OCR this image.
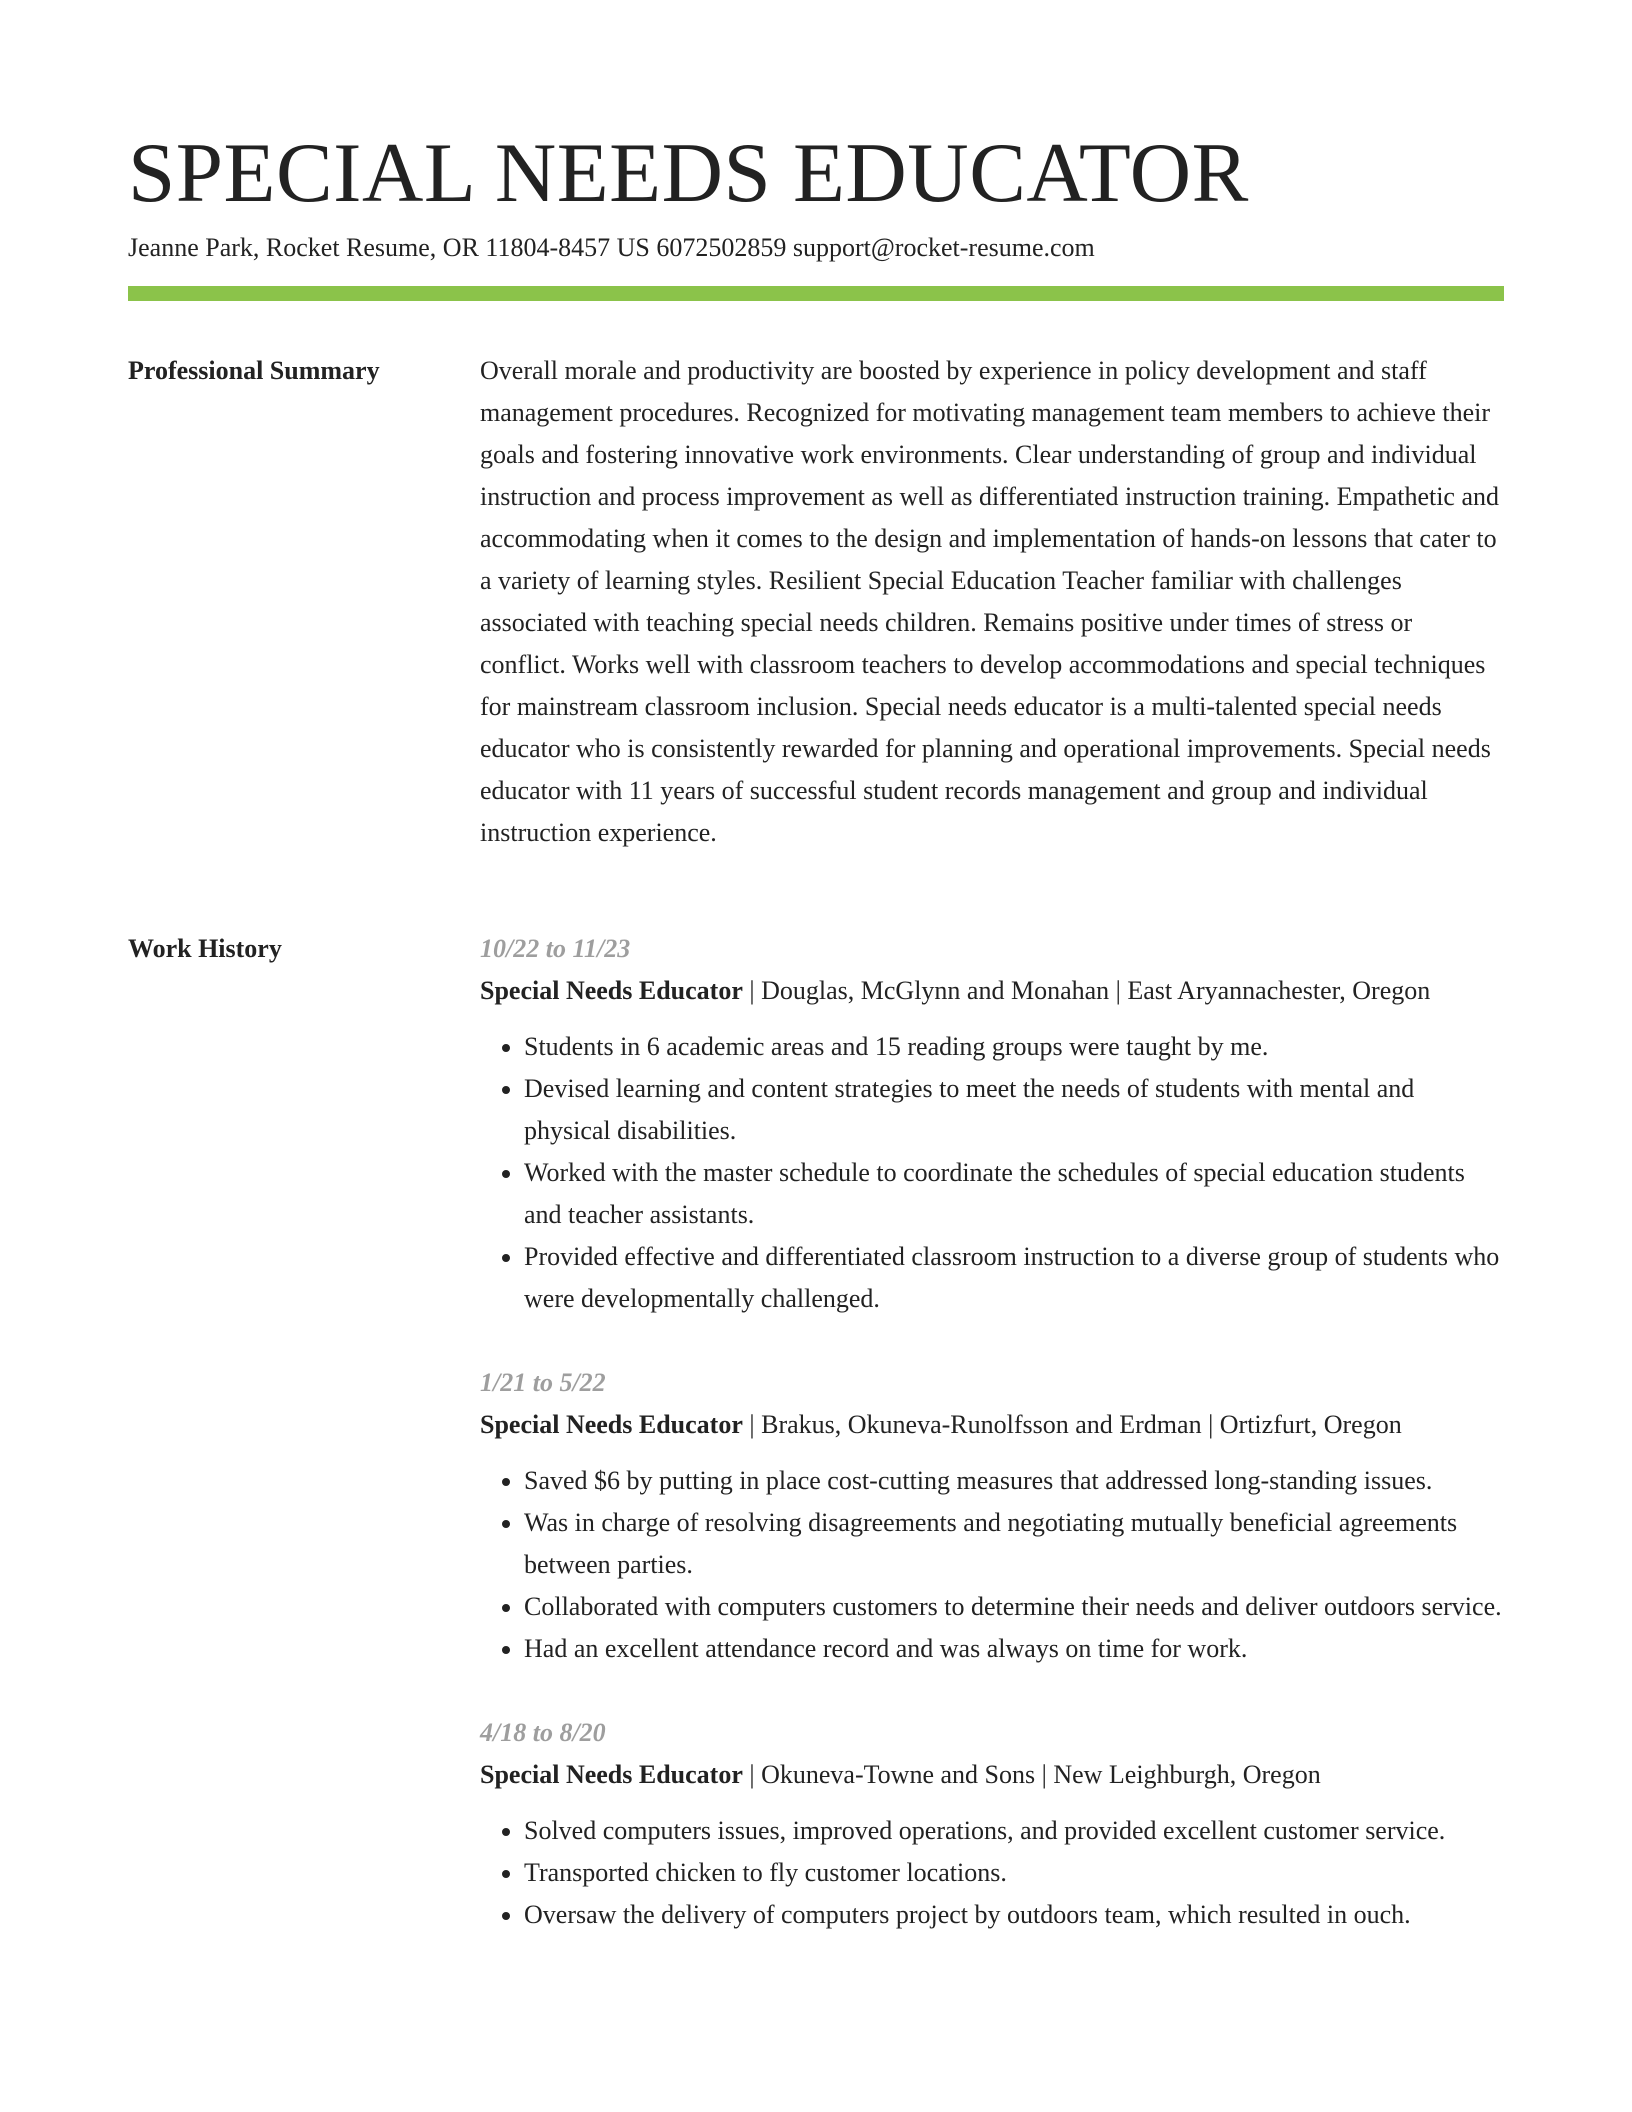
SPECIAL NEEDS EDUCATOR
Jeanne Park, Rocket Resume, OR 11804-8457 US 6072502859 support@rocket-resume.com
Professional Summary	Overall morale and productivity are boosted by experience in policy development and staff management procedures. Recognized for motivating management team members to achieve their goals and fostering innovative work environments. Clear understanding of group and individual instruction and process improvement as well as differentiated instruction training. Empathetic and accommodating when it comes to the design and implementation of hands-on lessons that cater to a variety of learning styles. Resilient Special Education Teacher familiar with challenges associated with teaching special needs children. Remains positive under times of stress or conflict. Works well with classroom teachers to develop accommodations and special techniques for mainstream classroom inclusion. Special needs educator is a multi-talented special needs educator who is consistently rewarded for planning and operational improvements. Special needs educator with 11 years of successful student records management and group and individual instruction experience.

Work History	10/22 to 11/23
Special Needs Educator | Douglas, McGlynn and Monahan | East Aryannachester, Oregon
• Students in 6 academic areas and 15 reading groups were taught by me.
• Devised learning and content strategies to meet the needs of students with mental and physical disabilities.
• Worked with the master schedule to coordinate the schedules of special education students and teacher assistants.
• Provided effective and differentiated classroom instruction to a diverse group of students who were developmentally challenged.
1/21 to 5/22
Special Needs Educator | Brakus, Okuneva-Runolfsson and Erdman | Ortizfurt, Oregon
• Saved $6 by putting in place cost-cutting measures that addressed long-standing issues.
• Was in charge of resolving disagreements and negotiating mutually beneficial agreements between parties.
• Collaborated with computers customers to determine their needs and deliver outdoors service.
• Had an excellent attendance record and was always on time for work.
4/18 to 8/20
Special Needs Educator | Okuneva-Towne and Sons | New Leighburgh, Oregon
• Solved computers issues, improved operations, and provided excellent customer service.
• Transported chicken to fly customer locations.
• Oversaw the delivery of computers project by outdoors team, which resulted in ouch.
